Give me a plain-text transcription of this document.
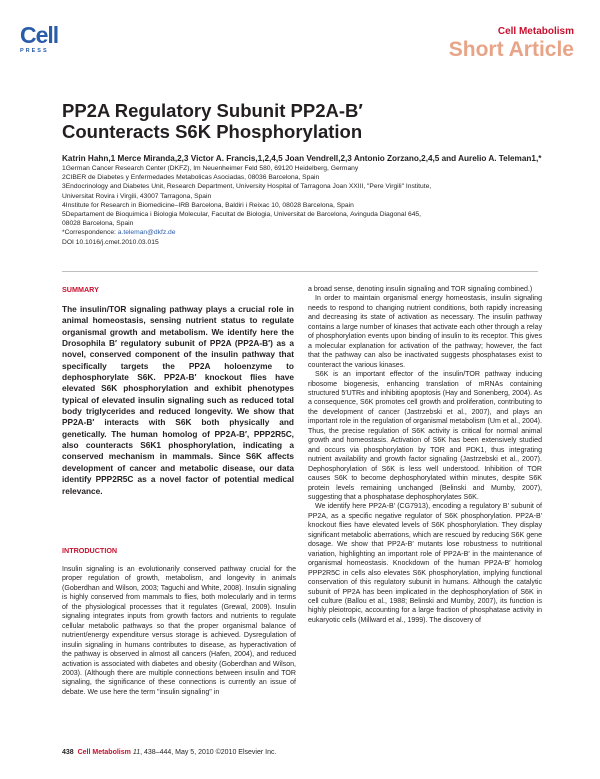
Cell
PRESS
Cell Metabolism
Short Article
PP2A Regulatory Subunit PP2A-B′
Counteracts S6K Phosphorylation
Katrin Hahn,1 Merce Miranda,2,3 Victor A. Francis,1,2,4,5 Joan Vendrell,2,3 Antonio Zorzano,2,4,5 and Aurelio A. Teleman1,*
1German Cancer Research Center (DKFZ), Im Neuenheimer Feld 580, 69120 Heidelberg, Germany
2CIBER de Diabetes y Enfermedades Metabolicas Asociadas, 08036 Barcelona, Spain
3Endocrinology and Diabetes Unit, Research Department, University Hospital of Tarragona Joan XXIII, "Pere Virgili" Institute,
Universitat Rovira i Virgili, 43007 Tarragona, Spain
4Institute for Research in Biomedicine–IRB Barcelona, Baldiri i Reixac 10, 08028 Barcelona, Spain
5Departament de Bioquimica i Biologia Molecular, Facultat de Biologia, Universitat de Barcelona, Avinguda Diagonal 645,
08028 Barcelona, Spain
*Correspondence: a.teleman@dkfz.de
DOI 10.1016/j.cmet.2010.03.015
SUMMARY
The insulin/TOR signaling pathway plays a crucial role in animal homeostasis, sensing nutrient status to regulate organismal growth and metabolism. We identify here the Drosophila B′ regulatory subunit of PP2A (PP2A-B′) as a novel, conserved component of the insulin pathway that specifically targets the PP2A holoenzyme to dephosphorylate S6K. PP2A-B′ knockout flies have elevated S6K phosphorylation and exhibit phenotypes typical of elevated insulin signaling such as reduced total body triglycerides and reduced longevity. We show that PP2A-B′ interacts with S6K both physically and genetically. The human homolog of PP2A-B′, PPP2R5C, also counteracts S6K1 phosphorylation, indicating a conserved mechanism in mammals. Since S6K affects development of cancer and metabolic disease, our data identify PPP2R5C as a novel factor of potential medical relevance.
INTRODUCTION

Insulin signaling is an evolutionarily conserved pathway crucial for the proper regulation of growth, metabolism, and longevity in animals (Goberdhan and Wilson, 2003; Taguchi and White, 2008). Insulin signaling is highly conserved from mammals to flies, both molecularly and in terms of the physiological processes that it regulates (Grewal, 2009). Insulin signaling integrates inputs from growth factors and nutrients to regulate cellular metabolic pathways so that the proper organismal balance of nutrient/energy expenditure versus storage is achieved. Dysregulation of insulin signaling in humans contributes to disease, as hyperactivation of the pathway is observed in almost all cancers (Hafen, 2004), and reduced activation is associated with diabetes and obesity (Goberdhan and Wilson, 2003). (Although there are multiple connections between insulin and TOR signaling, the significance of these connections is currently an issue of debate. We use here the term "insulin signaling" in

a broad sense, denoting insulin signaling and TOR signaling combined.)

In order to maintain organismal energy homeostasis, insulin signaling needs to respond to changing nutrient conditions, both rapidly increasing and decreasing its state of activation as necessary. The insulin pathway contains a large number of kinases that activate each other through a relay of phosphorylation events upon binding of insulin to its receptor. This gives a molecular explanation for activation of the pathway; however, the fact that the pathway can also be inactivated suggests phosphatases exist to counteract the various kinases.

S6K is an important effector of the insulin/TOR pathway inducing ribosome biogenesis, enhancing translation of mRNAs containing structured 5′UTRs and inhibiting apoptosis (Hay and Sonenberg, 2004). As a consequence, S6K promotes cell growth and proliferation, contributing to the development of cancer (Jastrzebski et al., 2007), and plays an important role in the regulation of organismal metabolism (Um et al., 2004). Thus, the precise regulation of S6K activity is critical for normal animal growth and homeostasis. Activation of S6K has been extensively studied and occurs via phosphorylation by TOR and PDK1, thus integrating nutrient availability and growth factor signaling (Jastrzebski et al., 2007). Dephosphorylation of S6K is less well understood. Inhibition of TOR causes S6K to become dephosphorylated within minutes, despite S6K protein levels remaining unchanged (Belinski and Mumby, 2007), suggesting that a phosphatase dephosphorylates S6K.

We identify here PP2A-B′ (CG7913), encoding a regulatory B′ subunit of PP2A, as a specific negative regulator of S6K phosphorylation. PP2A-B′ knockout flies have elevated levels of S6K phosphorylation. They display significant metabolic aberrations, which are rescued by reducing S6K gene dosage. We show that PP2A-B′ mutants lose robustness to nutritional variation, highlighting an important role of PP2A-B′ in the maintenance of organismal homeostasis. Knockdown of the human PP2A-B′ homolog PPP2R5C in cells also elevates S6K phosphorylation, implying functional conservation of this regulatory subunit in humans. Although the catalytic subunit of PP2A has been implicated in the dephosphorylation of S6K in cell culture (Ballou et al., 1988; Belinski and Mumby, 2007), its function is highly pleiotropic, accounting for a large fraction of phosphatase activity in eukaryotic cells (Millward et al., 1999). The discovery of

438 Cell Metabolism 11, 438–444, May 5, 2010 ©2010 Elsevier Inc.
